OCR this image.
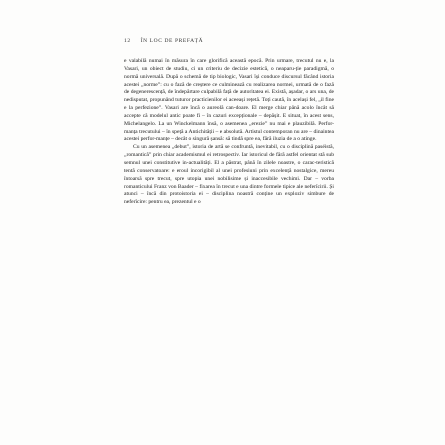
12 ÎN LOC DE PREFAȚĂ

e valabilă numai în măsura în care glorifică această epocă. Prin urmare, trecutul nu e, la Vasari, un obiect de studiu, ci un criteriu de decizie estetică, o neaparu-ție paradigmă, o normă universală. După o schemă de tip biologic, Vasari își conduce discursul făcând istoria acestei „norme”: cu o fază de creștere ce culminează cu realizarea normei, urmată de o fază de degenerescență, de îndepărtare culpabilă față de autoritatea ei. Există, așadar, o ars una, de nedisputat, propunând tuturor practicienilor ei aceeași rețetă. Toți caută, în același fel, „il fine e la perfezione”. Vasari are încă o aureolă can-doare. El merge chiar până acolo încât să accepte că modelul antic poate fi – în cazuri excepționale – depășit. E situat, în acest sens, Michelangelo. La un Winckelmann însă, o asemenea „erezie” nu mai e plauzibilă. Perfor-manța trecutului – în speță a Antichității – e absolută. Artistul contemporan nu are – dinaintea acestei perfor-manțe – decât o singură șansă: să tindă spre ea, fără iluzia de a o atinge.

Cu un asemenea „debut”, istoria de artă se confruntă, inevitabil, cu o disciplină paséistă, „romantică” prin chiar academismul ei retrospectiv. Iar istoricul de fără astfel orientat stă sub semnul unei constitutive in-actualități. El a păstrat, până în zilele noastre, o carac-teristică tentă conservatoare: e eroul incorigibil al unei profesiuni prin excelență nostalgice, mereu întoarsă spre trecut, spre utopia unei nobilisime și inaccesibile vechimi. Dar – vorba romanticului Franz von Baader – fixarea în trecut e una dintre formele tipice ale neferîcirii. Și atunci – încă din protoistoria ei – disciplina noastră conține un exploziv simbure de neferîcire: pentru ea, prezentul e o
